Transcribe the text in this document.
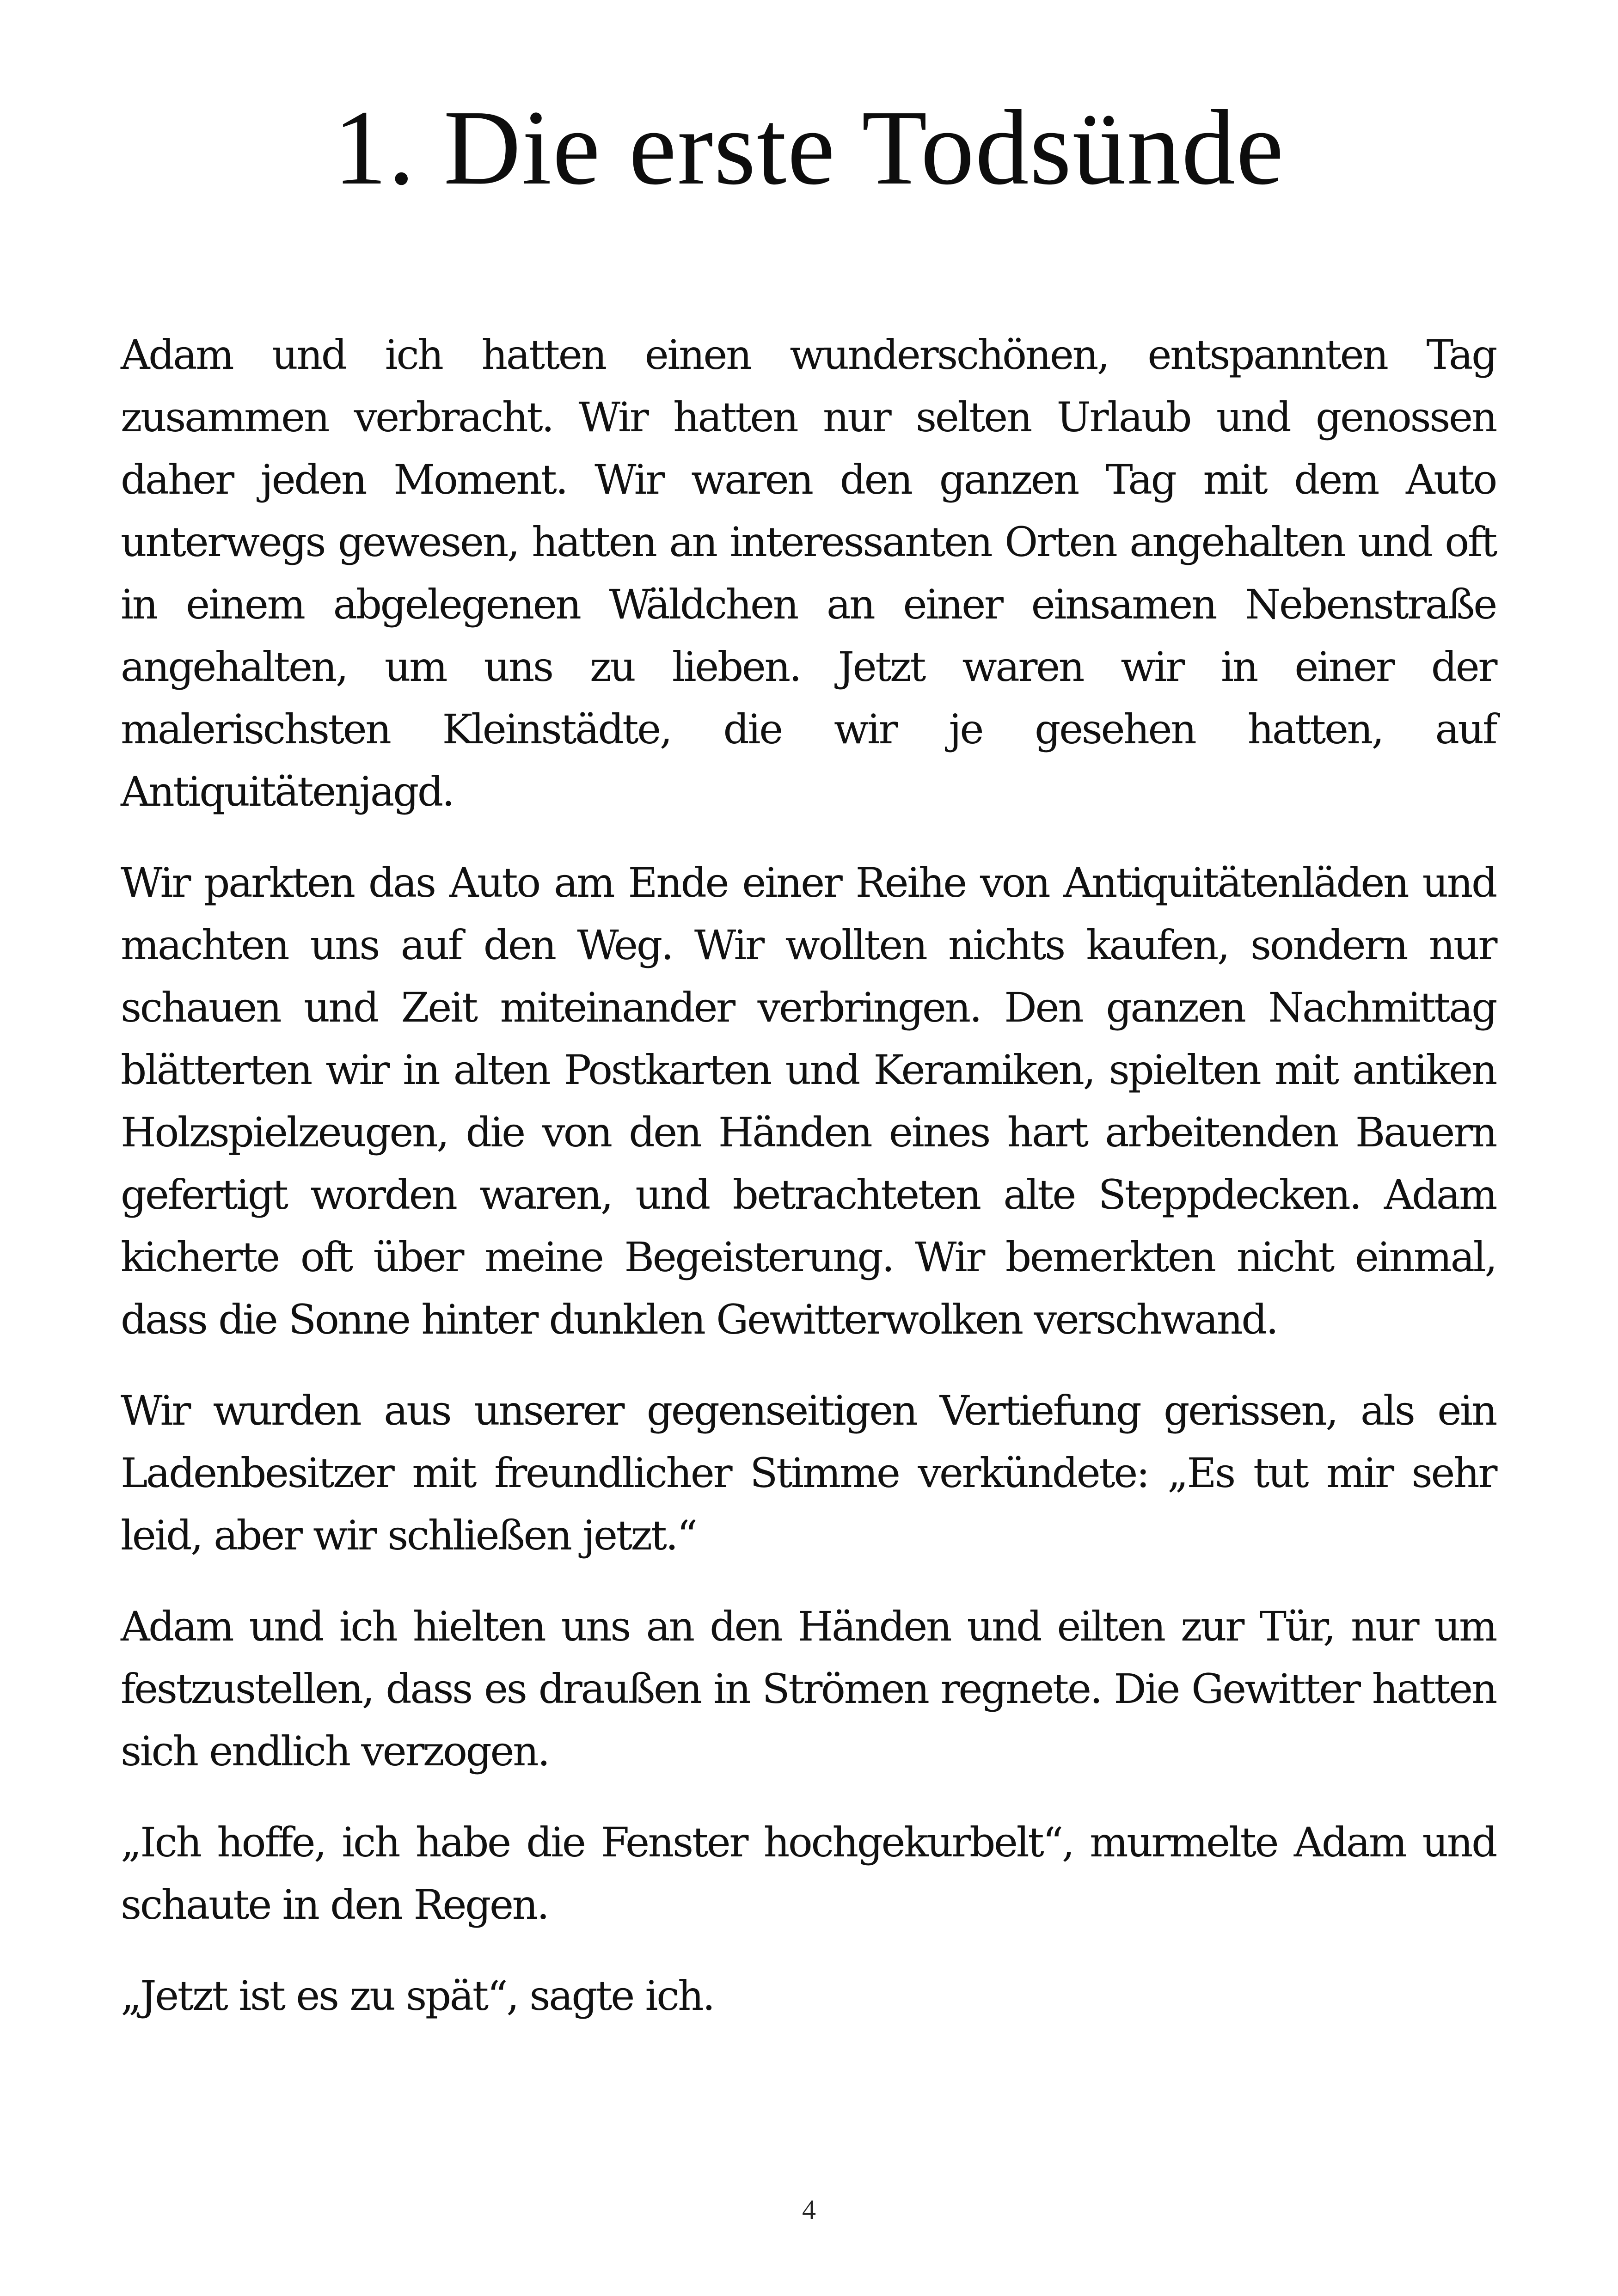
1. Die erste Todsünde

Adam und ich hatten einen wunderschönen, entspannten Tag zusammen verbracht. Wir hatten nur selten Urlaub und genossen daher jeden Moment. Wir waren den ganzen Tag mit dem Auto unterwegs gewesen, hatten an interessanten Orten angehalten und oft in einem abgelegenen Wäldchen an einer einsamen Nebenstraße angehalten, um uns zu lieben. Jetzt waren wir in einer der malerischsten Kleinstädte, die wir je gesehen hatten, auf Antiquitätenjagd.

Wir parkten das Auto am Ende einer Reihe von Antiquitätenläden und machten uns auf den Weg. Wir wollten nichts kaufen, sondern nur schauen und Zeit miteinander verbringen. Den ganzen Nachmittag blätterten wir in alten Postkarten und Keramiken, spielten mit antiken Holzspielzeugen, die von den Händen eines hart arbeitenden Bauern gefertigt worden waren, und betrachteten alte Steppdecken. Adam kicherte oft über meine Begeisterung. Wir bemerkten nicht einmal, dass die Sonne hinter dunklen Gewitterwolken verschwand.

Wir wurden aus unserer gegenseitigen Vertiefung gerissen, als ein Ladenbesitzer mit freundlicher Stimme verkündete: „Es tut mir sehr leid, aber wir schließen jetzt.“

Adam und ich hielten uns an den Händen und eilten zur Tür, nur um festzustellen, dass es draußen in Strömen regnete. Die Gewitter hatten sich endlich verzogen.

„Ich hoffe, ich habe die Fenster hochgekurbelt“, murmelte Adam und schaute in den Regen.

„Jetzt ist es zu spät“, sagte ich.

4
